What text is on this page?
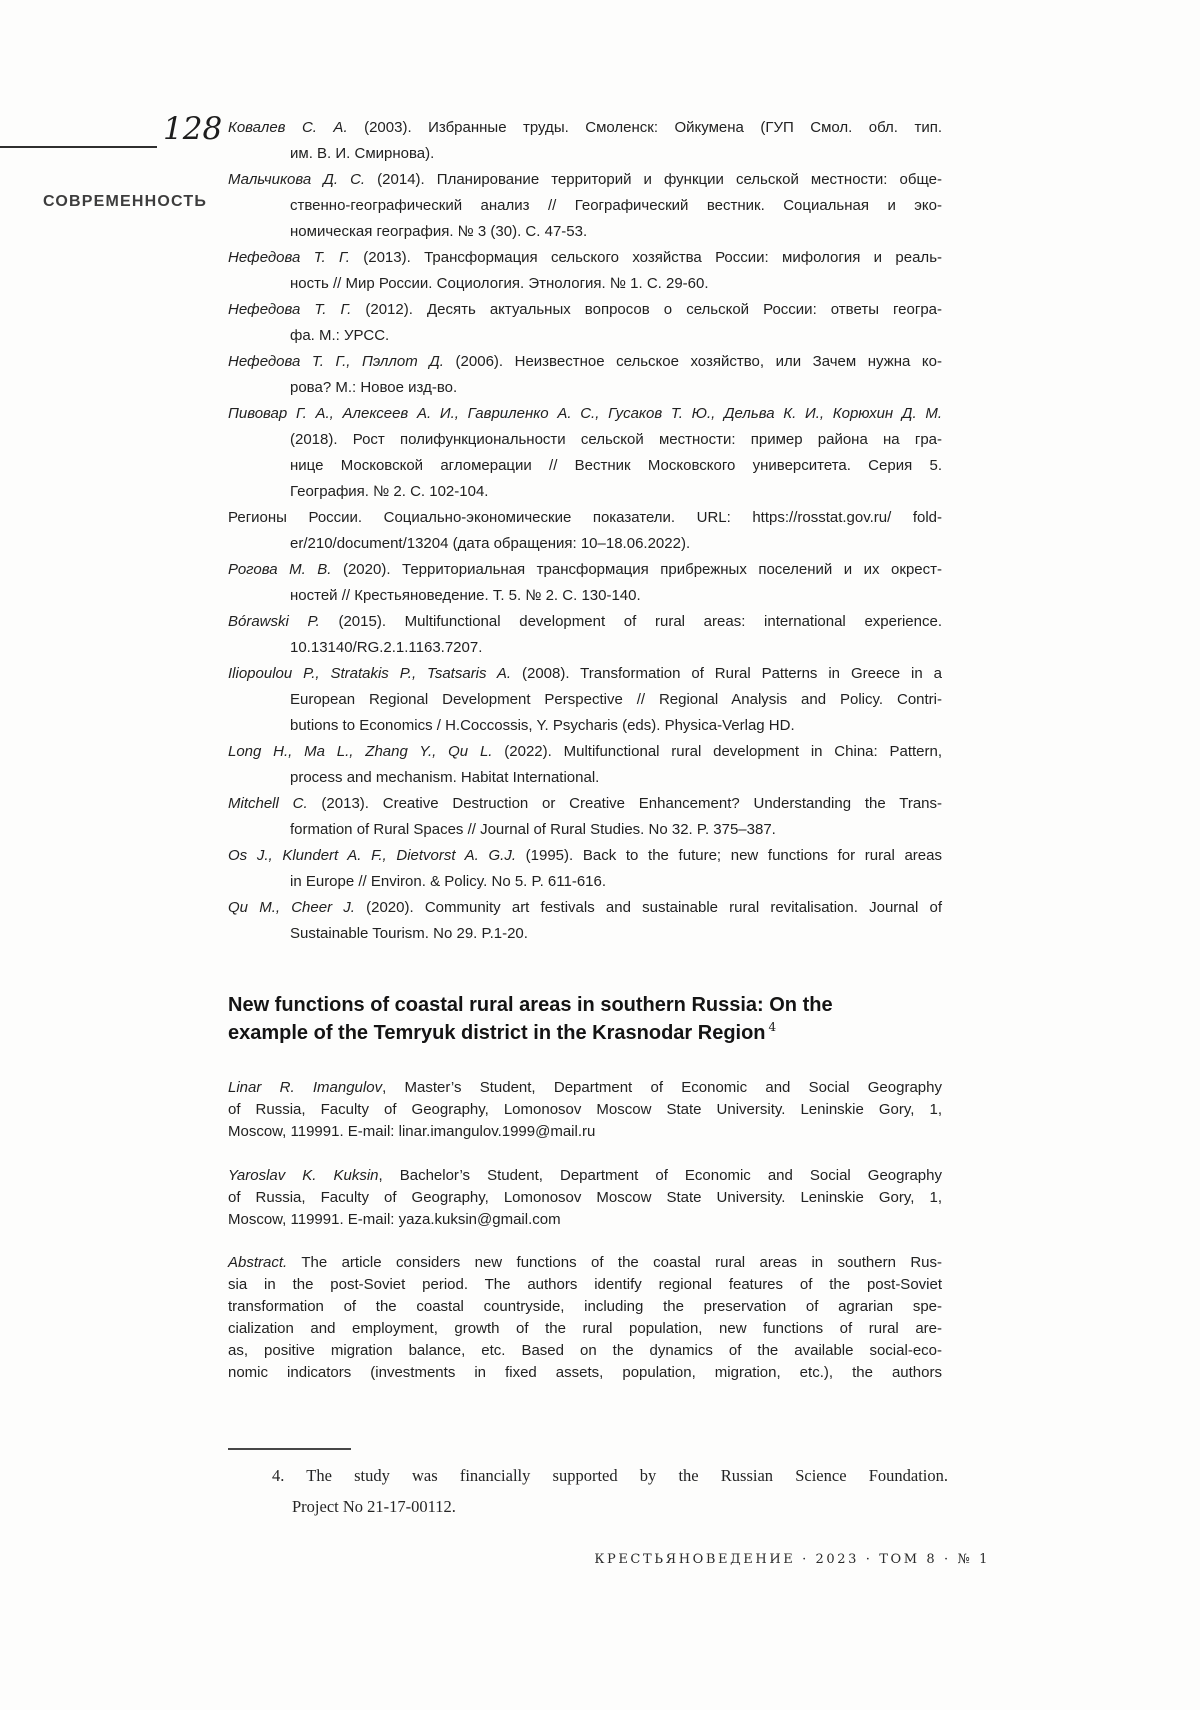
128
СОВРЕМЕННОСТЬ
Ковалев С. А. (2003). Избранные труды. Смоленск: Ойкумена (ГУП Смол. обл. тип.
им. В. И. Смирнова).
Мальчикова Д. С. (2014). Планирование территорий и функции сельской местности: обще-
ственно-географический анализ // Географический вестник. Социальная и эко-
номическая география. № 3 (30). С. 47-53.
Нефедова Т. Г. (2013). Трансформация сельского хозяйства России: мифология и реаль-
ность // Мир России. Социология. Этнология. № 1. С. 29-60.
Нефедова Т. Г. (2012). Десять актуальных вопросов о сельской России: ответы геогра-
фа. М.: УРСС.
Нефедова Т. Г., Пэллот Д. (2006). Неизвестное сельское хозяйство, или Зачем нужна ко-
рова? М.: Новое изд-во.
Пивовар Г. А., Алексеев А. И., Гавриленко А. С., Гусаков Т. Ю., Дельва К. И., Корюхин Д. М.
(2018). Рост полифункциональности сельской местности: пример района на гра-
нице Московской агломерации // Вестник Московского университета. Серия 5.
География. № 2. С. 102-104.
Регионы России. Социально-экономические показатели. URL: https://rosstat.gov.ru/ fold-
er/210/document/13204 (дата обращения: 10–18.06.2022).
Рогова М. В. (2020). Территориальная трансформация прибрежных поселений и их окрест-
ностей // Крестьяноведение. Т. 5. № 2. С. 130-140.
Bórawski P. (2015). Multifunctional development of rural areas: international experience.
10.13140/RG.2.1.1163.7207.
Iliopoulou P., Stratakis P., Tsatsaris A. (2008). Transformation of Rural Patterns in Greece in a
European Regional Development Perspective // Regional Analysis and Policy. Contri-
butions to Economics / H.Coccossis, Y. Psycharis (eds). Physica-Verlag HD.
Long H., Ma L., Zhang Y., Qu L. (2022). Multifunctional rural development in China: Pattern,
process and mechanism. Habitat International.
Mitchell C. (2013). Creative Destruction or Creative Enhancement? Understanding the Trans-
formation of Rural Spaces // Journal of Rural Studies. No 32. P. 375–387.
Os J., Klundert A. F., Dietvorst A. G.J. (1995). Back to the future; new functions for rural areas
in Europe // Environ. & Policy. No 5. P. 611-616.
Qu M., Cheer J. (2020). Community art festivals and sustainable rural revitalisation. Journal of
Sustainable Tourism. No 29. P.1-20.
New functions of coastal rural areas in southern Russia: On the
example of the Temryuk district in the Krasnodar Region $^4$
Linar R. Imangulov, Master’s Student, Department of Economic and Social Geography
of Russia, Faculty of Geography, Lomonosov Moscow State University. Leninskie Gory, 1,
Moscow, 119991. E-mail: linar.imangulov.1999@mail.ru
Yaroslav K. Kuksin, Bachelor’s Student, Department of Economic and Social Geography
of Russia, Faculty of Geography, Lomonosov Moscow State University. Leninskie Gory, 1,
Moscow, 119991. E-mail: yaza.kuksin@gmail.com
Abstract. The article considers new functions of the coastal rural areas in southern Rus-
sia in the post-Soviet period. The authors identify regional features of the post-Soviet
transformation of the coastal countryside, including the preservation of agrarian spe-
cialization and employment, growth of the rural population, new functions of rural are-
as, positive migration balance, etc. Based on the dynamics of the available social-eco-
nomic indicators (investments in fixed assets, population, migration, etc.), the authors
4. The study was financially supported by the Russian Science Foundation.
Project No 21-17-00112.
КРЕСТЬЯНОВЕДЕНИЕ · 2023 · ТОМ 8 · № 1
